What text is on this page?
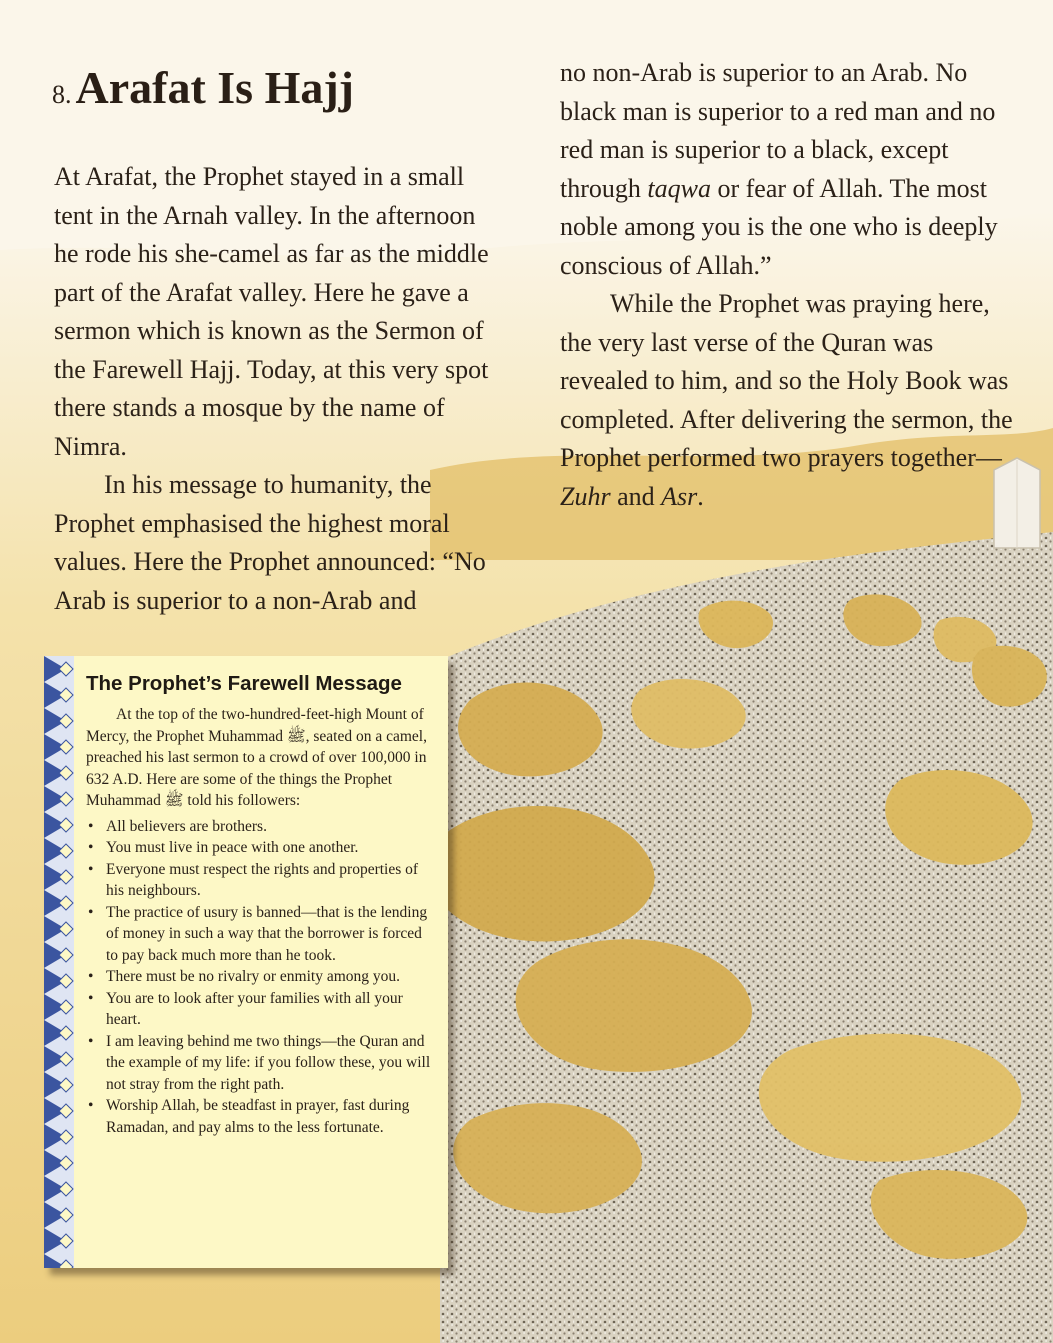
8.Arafat Is Hajj

At Arafat, the Prophet stayed in a small tent in the Arnah valley. In the afternoon he rode his she-camel as far as the middle part of the Arafat valley. Here he gave a sermon which is known as the Sermon of the Farewell Hajj. Today, at this very spot there stands a mosque by the name of Nimra.

In his message to humanity, the Prophet emphasised the highest moral values. Here the Prophet announced: “No Arab is superior to a non-Arab and

no non-Arab is superior to an Arab. No black man is superior to a red man and no red man is superior to a black, except through taqwa or fear of Allah. The most noble among you is the one who is deeply conscious of Allah.”

While the Prophet was praying here, the very last verse of the Quran was revealed to him, and so the Holy Book was completed. After delivering the sermon, the Prophet performed two prayers together—Zuhr and Asr.

The Prophet’s Farewell Message

At the top of the two-hundred-feet-high Mount of Mercy, the Prophet Muhammad ﷺ, seated on a camel, preached his last sermon to a crowd of over 100,000 in 632 A.D. Here are some of the things the Prophet Muhammad ﷺ told his followers:

• All believers are brothers.
• You must live in peace with one another.
• Everyone must respect the rights and properties of his neighbours.
• The practice of usury is banned—that is the lending of money in such a way that the borrower is forced to pay back much more than he took.
• There must be no rivalry or enmity among you.
• You are to look after your families with all your heart.
• I am leaving behind me two things—the Quran and the example of my life: if you follow these, you will not stray from the right path.
• Worship Allah, be steadfast in prayer, fast during Ramadan, and pay alms to the less fortunate.
